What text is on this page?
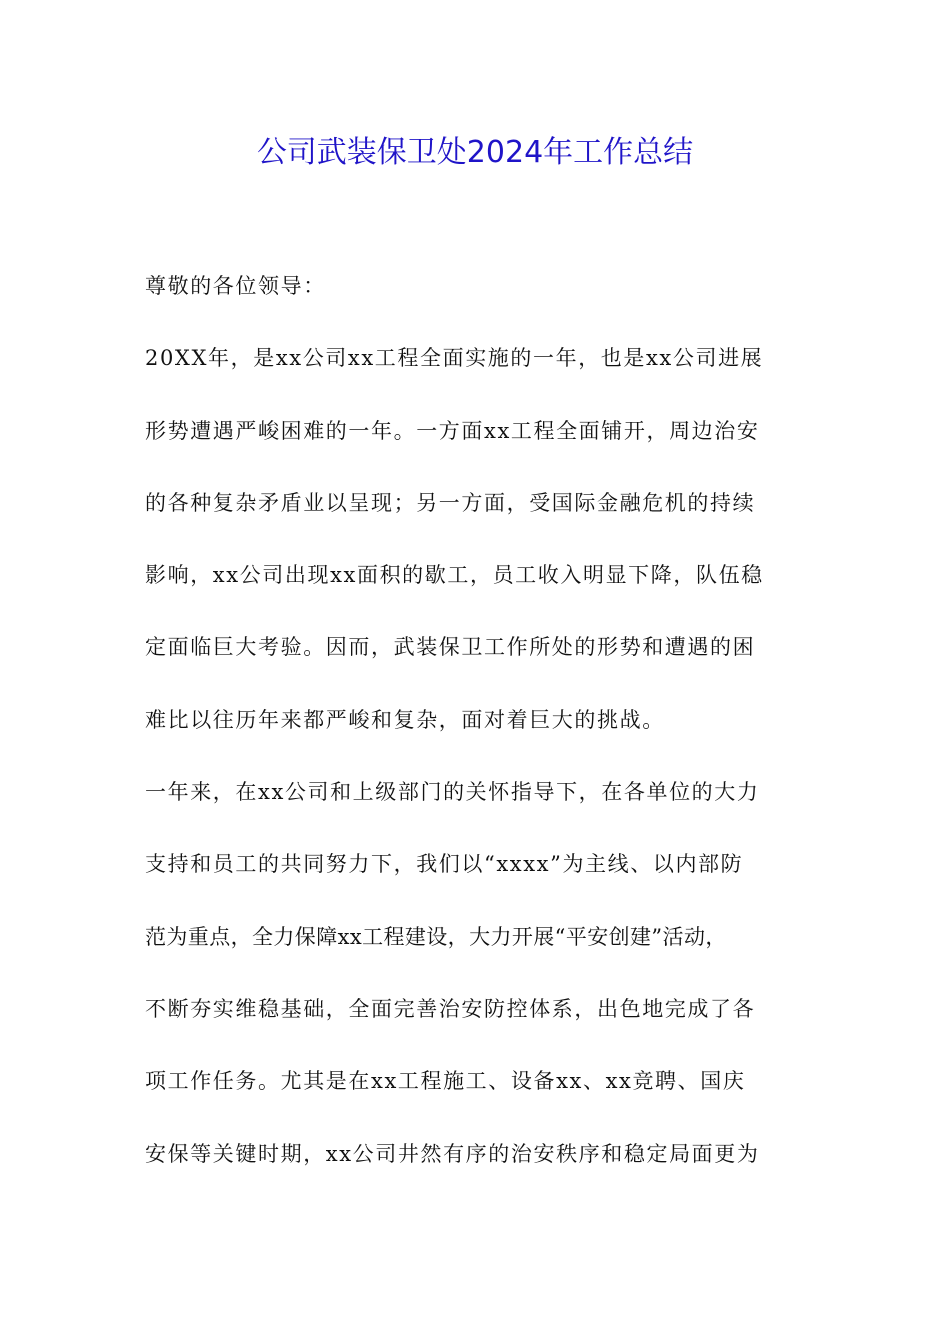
公司武装保卫处2024年工作总结
尊敬的各位领导：
20XX年，是xx公司xx工程全面实施的一年，也是xx公司进展
形势遭遇严峻困难的一年。一方面xx工程全面铺开，周边治安
的各种复杂矛盾业以呈现；另一方面，受国际金融危机的持续
影响，xx公司出现xx面积的歇工，员工收入明显下降，队伍稳
定面临巨大考验。因而，武装保卫工作所处的形势和遭遇的困
难比以往历年来都严峻和复杂，面对着巨大的挑战。
一年来，在xx公司和上级部门的关怀指导下，在各单位的大力
支持和员工的共同努力下，我们以“xxxx”为主线、以内部防
范为重点，全力保障xx工程建设，大力开展“平安创建”活动，
不断夯实维稳基础，全面完善治安防控体系，出色地完成了各
项工作任务。尤其是在xx工程施工、设备xx、xx竞聘、国庆
安保等关键时期，xx公司井然有序的治安秩序和稳定局面更为
